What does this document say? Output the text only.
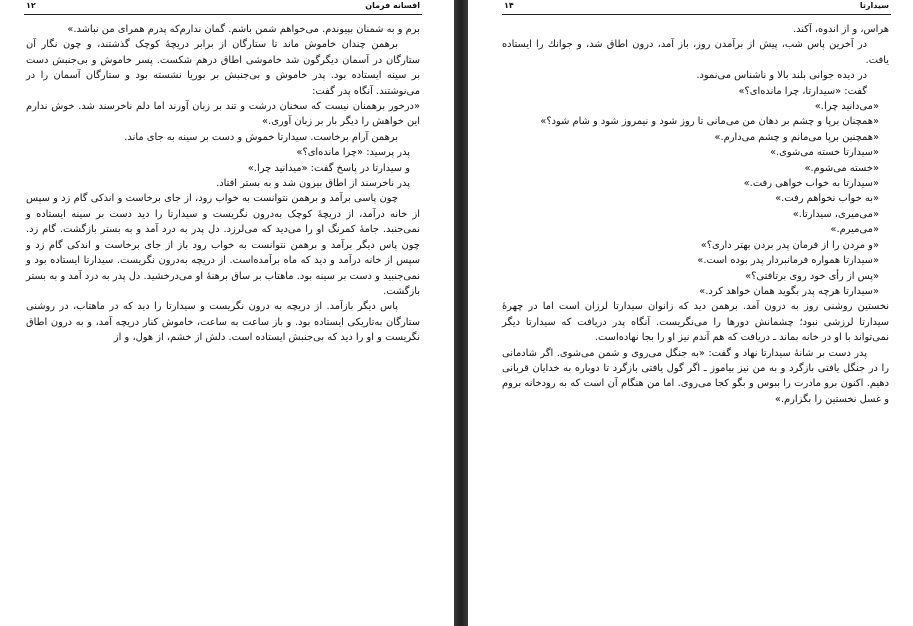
افسانه فرمان
۱۲

برم و به شمنان بپیوندم. می‌خواهم شمن باشم. گمان ندارم‌که پدرم همرای من نباشد.»

برهمن چندان خاموش ماند تا ستارگان از برابر دریچهٔ کوچک گذشتند، و چون نگار آن ستارگان در آسمان دیگرگون شد خاموشی اطاق درهم شکست. پسر خاموش و بی‌جنبش دست بر سینه ایستاده بود. پدر خاموش و بی‌جنبش بر بوریا نشسته بود و ستارگان آسمان را در می‌نوشتند. آنگاه پدر گفت:

«درخور برهمنان نیست که سخنان درشت و تند بر زبان آورند اما دلم ناخرسند شد. خوش ندارم این خواهش را دیگر بار بر زبان آوری.»

برهمن آرام برخاست. سیدارتا خموش و دست بر سینه به جای ماند.

پدر پرسید: «چرا مانده‌ای؟»

و سیدارتا در پاسخ گفت: «میدانید چرا.»

پدر ناخرسند از اطاق بیرون شد و به بستر افتاد.

چون پاسی برآمد و برهمن نتوانست به خواب رود، از جای برخاست و اندکی گام زد و سپس از خانه درآمد، از دریچهٔ کوچک به‌درون نگریست و سیدارتا را دید دست بر سینه ایستاده و نمی‌جنبد. جامهٔ کمرنگ او را می‌دید که می‌لرزد. دل پدر به درد آمد و به بستر بازگشت. گام زد. چون پاس دیگر برآمد و برهمن نتوانست به خواب رود باز از جای برخاست و اندکی گام زد و سپس از خانه درآمد و دید که ماه برآمده‌است. از دریچه به‌درون نگریست. سیدارتا ایستاده بود و نمی‌جنبید و دست بر سینه بود. ماهتاب بر ساق برهنهٔ او می‌درخشید. دل پدر به درد آمد و به بستر بازگشت.

پاس دیگر بازآمد. از دریچه به درون نگریست و سیدارتا را دید که در ماهتاب، در روشنی ستارگان به‌تاریکی ایستاده بود. و باز ساعت به ساعت، خاموش کنار دریچه آمد، و به درون اطاق نگریست و او را دید که بی‌جنبش ایستاده است. دلش از خشم، از هول، و از

سیدارتا
۱۴

هراس، و از اندوه، آکند.

در آخرین پاس شب، پیش از برآمدن روز، باز آمد، درون اطاق شد، و جوانك را ایستاده یافت.

در دیده جوانی بلند بالا و ناشناس می‌نمود.

گفت: «سیدارتا، چرا مانده‌ای؟»

«می‌دانید چرا.»

«همچنان برپا و چشم بر دهان من می‌مانی تا روز شود و نیمروز شود و شام شود؟»

«همچنین برپا می‌مانم و چشم می‌دارم.»

«سیدارتا خسته می‌شوی.»

«خسته می‌شوم.»

«سیدارتا به خواب خواهی رفت.»

«به خواب نخواهم رفت.»

«می‌میری، سیدارتا.»

«می‌میرم.»

«و مردن را از فرمان پدر بردن بهتر داری؟»

«سیدارتا همواره فرمانبردار پدر بوده است.»

«پس از رأی خود روی برتافتی؟»

«سیدارتا هرچه پدر بگوید همان خواهد کرد.»

نخستین روشنی روز به درون آمد. برهمن دید که زانوان سیدارتا لرزان است اما در چهرهٔ سیدارتا لرزشی نبود؛ چشمانش دورها را می‌نگریست. آنگاه پدر دریافت که سیدارتا دیگر نمی‌تواند با او در خانه بماند ـ دریافت که هم آندم نیز او را بجا نهاده‌است.

پدر دست بر شانهٔ سیدارتا نهاد و گفت: «به جنگل می‌روی و شمن می‌شوی. اگر شادمانی را در جنگل یافتی بازگرد و به من نیز بیاموز ـ اگر گول یافتی بازگرد تا دوباره به خدایان قربانی دهیم. اکنون برو مادرت را ببوس و بگو کجا می‌روی. اما من هنگام آن است که به رودخانه بروم و غسل نخستین را بگزارم.»
